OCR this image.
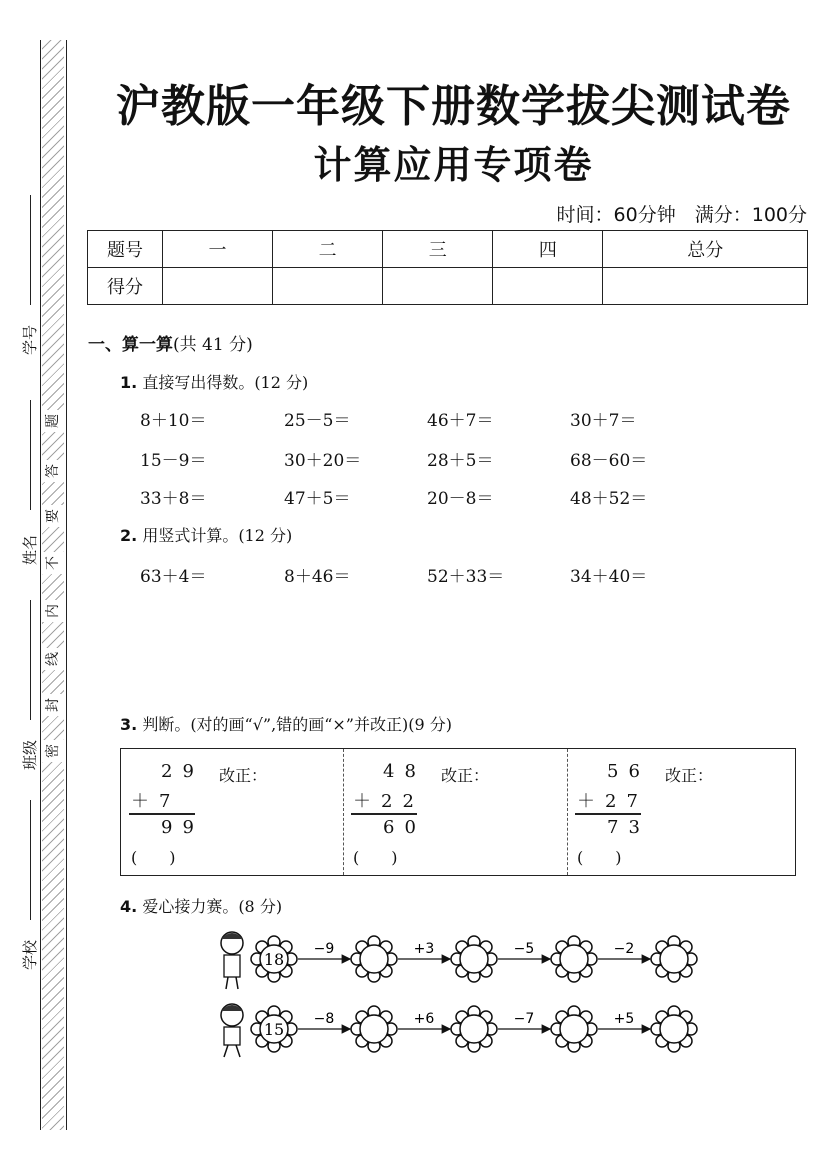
题
答
要
不
内
线
封
密
学号
姓名
班级
学校
沪教版一年级下册数学拔尖测试卷
计算应用专项卷
时间：60分钟　满分：100分
题号	一	二	三	四	总分
得分					
一、算一算(共 41 分)
1. 直接写出得数。(12 分)
8＋10＝	25－5＝	46＋7＝	30＋7＝
15－9＝	30＋20＝	28＋5＝	68－60＝
33＋8＝	47＋5＝	20－8＝	48＋52＝
2. 用竖式计算。(12 分)
63＋4＝	8＋46＝	52＋33＝	34＋40＝
3. 判断。(对的画“√”,错的画“×”并改正)(9 分)
29 改正：
＋7
99
(　　)
48 改正：
＋22
60
(　　)
56 改正：
＋27
73
(　　)
4. 爱心接力赛。(8 分)
18
−9	+3	−5	−2
15
−8	+6	−7	+5
